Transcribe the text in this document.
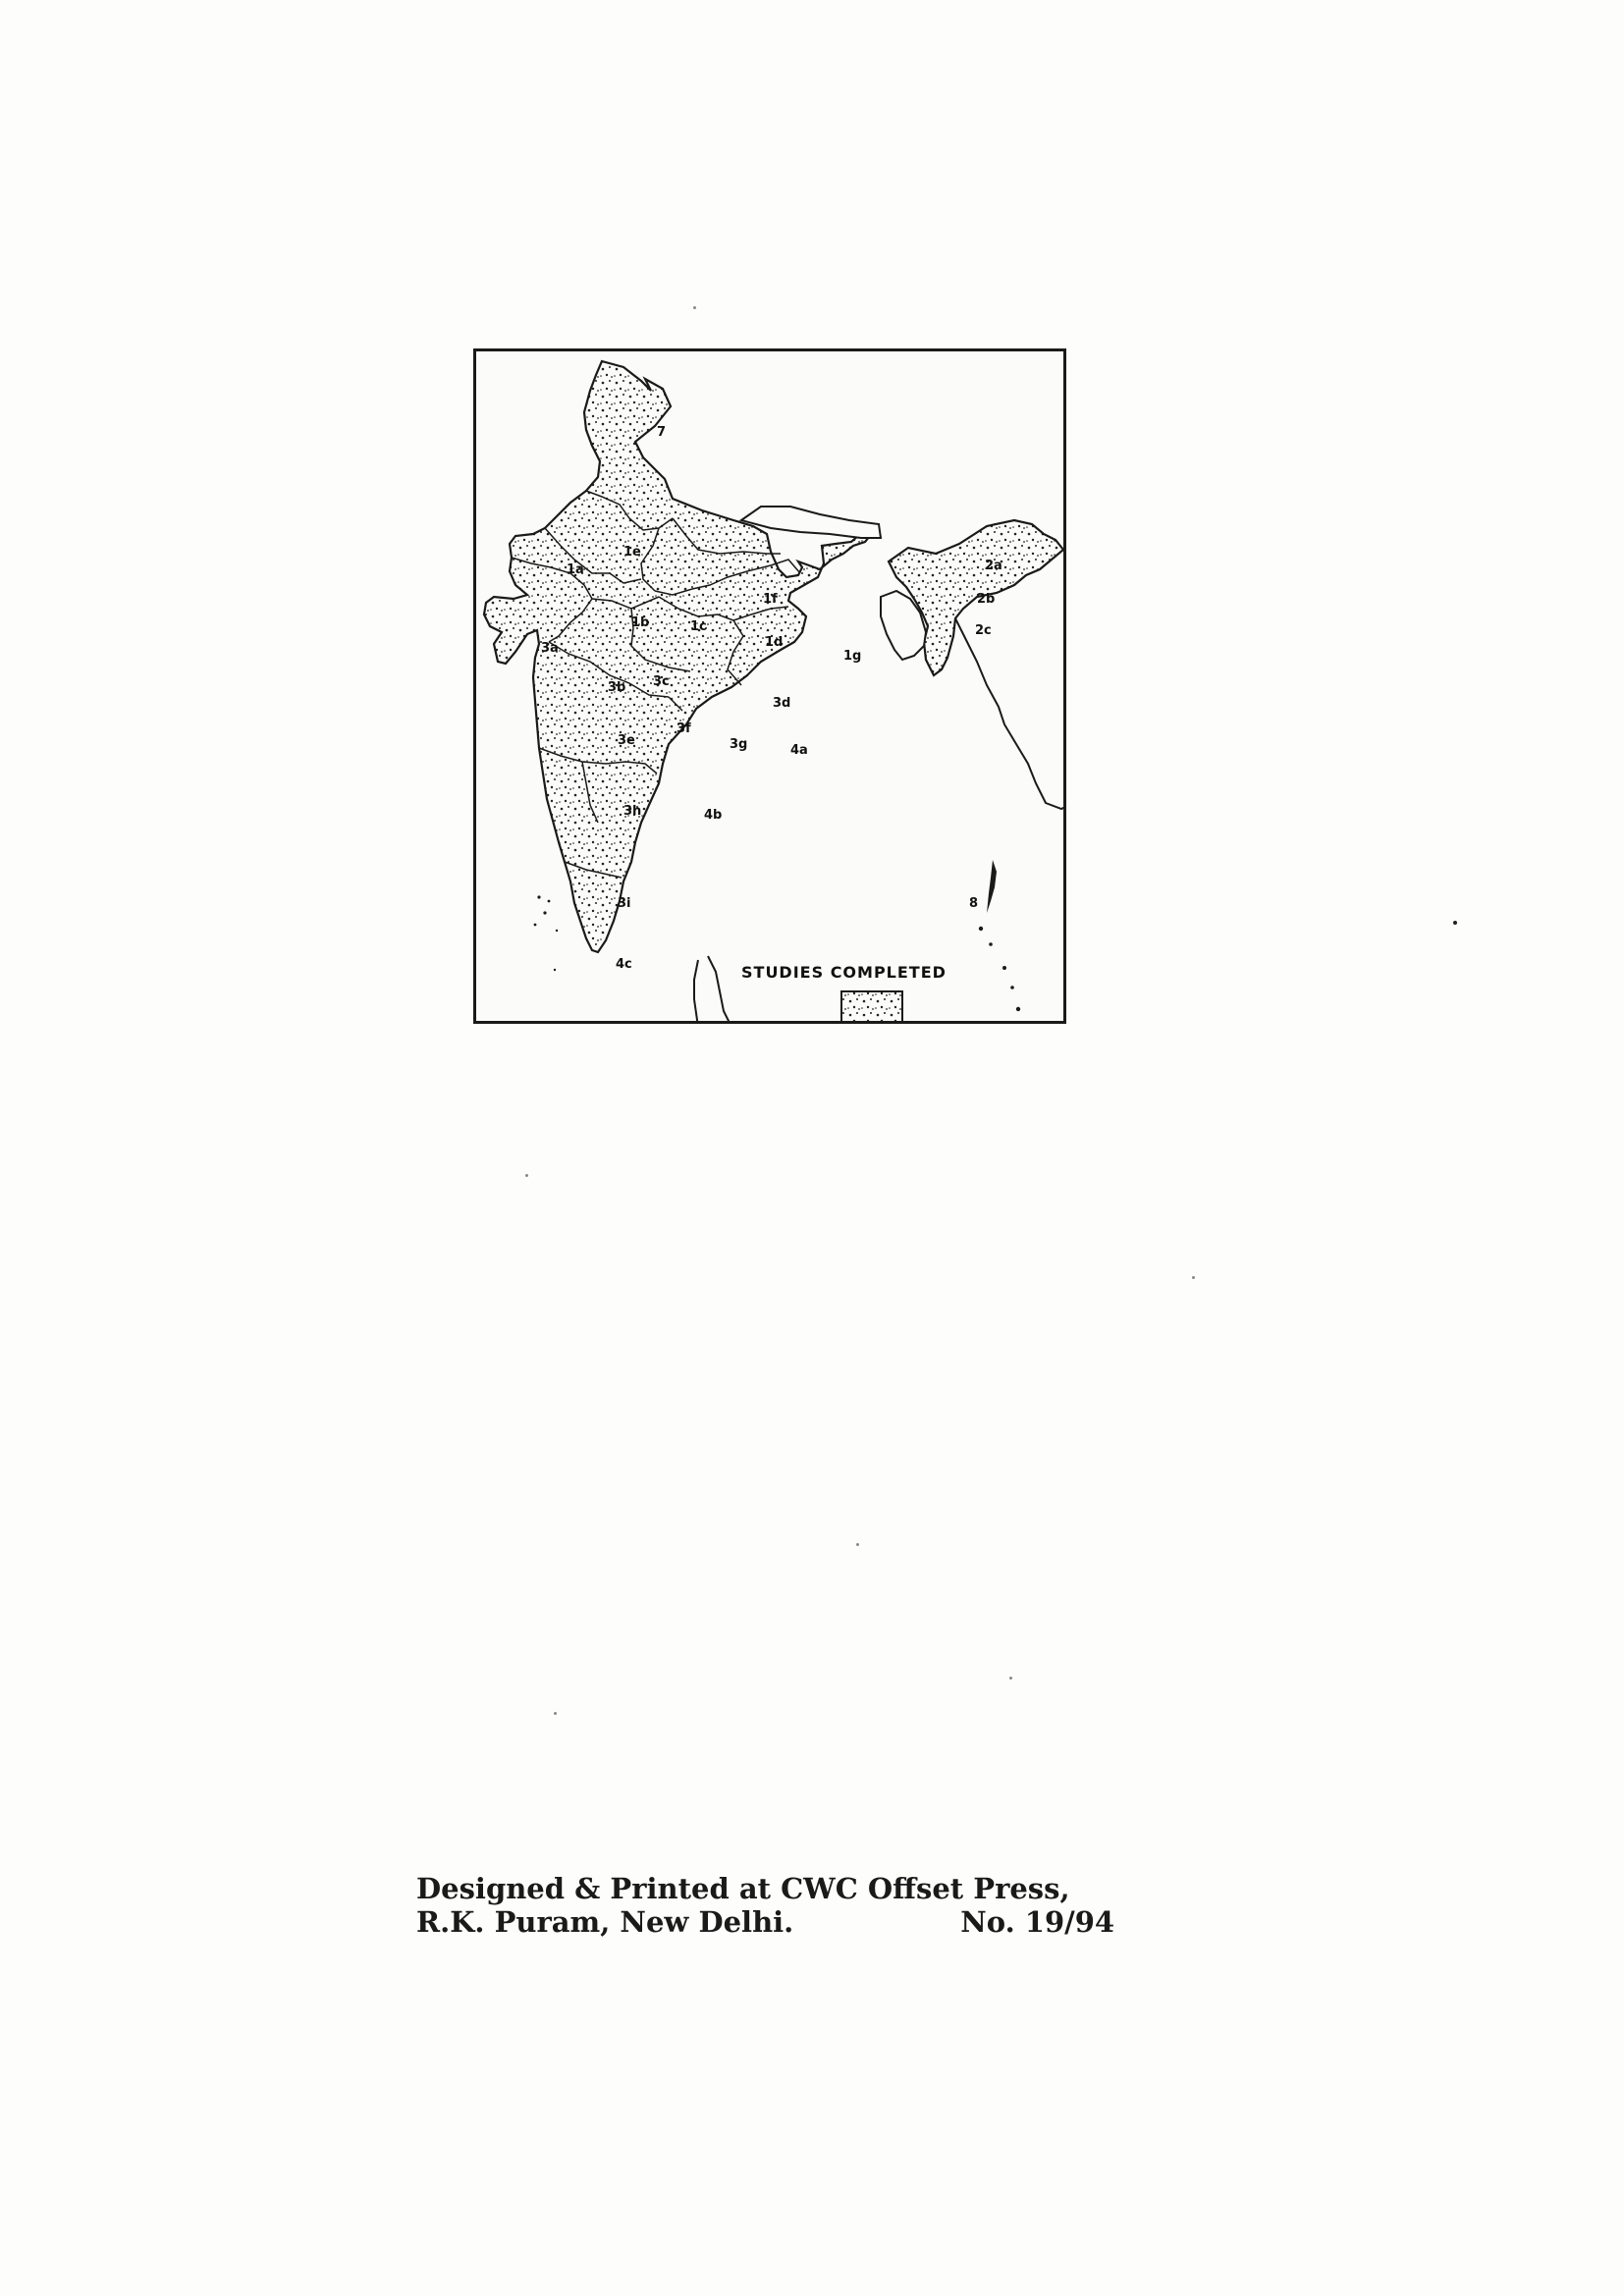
7
1a
1e
1f
2a
2b
2c
1b	1c
1d
1g
3a
3b 3c
3d
3e
3f
3g
3h
4a
4b
3i
4c
8
STUDIES COMPLETED
Designed & Printed at CWC Offset Press,
R.K. Puram, New Delhi.	No. 19/94
